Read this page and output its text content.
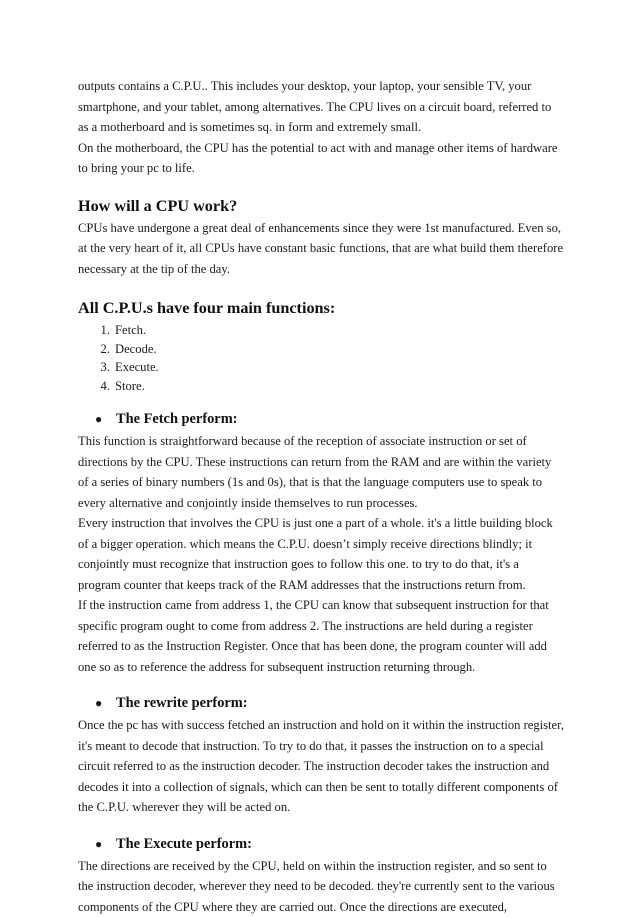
outputs contains a C.P.U.. This includes your desktop, your laptop, your sensible TV, your smartphone, and your tablet, among alternatives. The CPU lives on a circuit board, referred to as a motherboard and is sometimes sq. in form and extremely small.

On the motherboard, the CPU has the potential to act with and manage other items of hardware to bring your pc to life.

How will a CPU work?

CPUs have undergone a great deal of enhancements since they were 1st manufactured. Even so, at the very heart of it, all CPUs have constant basic functions, that are what build them therefore necessary at the tip of the day.

All C.P.U.s have four main functions:
1. Fetch.
2. Decode.
3. Execute.
4. Store.
● The Fetch perform:

This function is straightforward because of the reception of associate instruction or set of directions by the CPU. These instructions can return from the RAM and are within the variety of a series of binary numbers (1s and 0s), that is that the language computers use to speak to every alternative and conjointly inside themselves to run processes.

Every instruction that involves the CPU is just one a part of a whole. it's a little building block of a bigger operation. which means the C.P.U. doesn’t simply receive directions blindly; it conjointly must recognize that instruction goes to follow this one. to try to do that, it's a program counter that keeps track of the RAM addresses that the instructions return from.

If the instruction came from address 1, the CPU can know that subsequent instruction for that specific program ought to come from address 2. The instructions are held during a register referred to as the Instruction Register. Once that has been done, the program counter will add one so as to reference the address for subsequent instruction returning through.

● The rewrite perform:

Once the pc has with success fetched an instruction and hold on it within the instruction register, it's meant to decode that instruction. To try to do that, it passes the instruction on to a special circuit referred to as the instruction decoder. The instruction decoder takes the instruction and decodes it into a collection of signals, which can then be sent to totally different components of the C.P.U. wherever they will be acted on.

● The Execute perform:

The directions are received by the CPU, held on within the instruction register, and so sent to the instruction decoder, wherever they need to be decoded. they're currently sent to the various components of the CPU where they are carried out. Once the directions are executed,
